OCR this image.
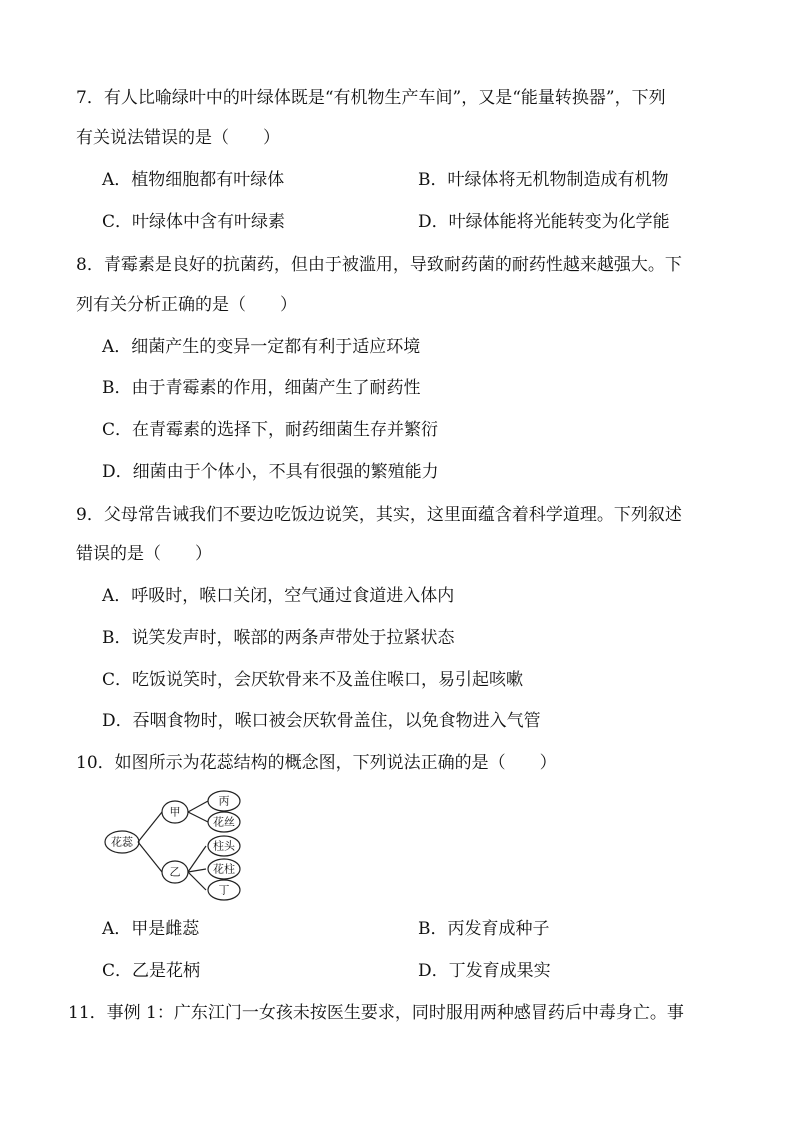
7．有人比喻绿叶中的叶绿体既是“有机物生产车间”，又是“能量转换器”，下列
有关说法错误的是（　　）
A．植物细胞都有叶绿体	B．叶绿体将无机物制造成有机物
C．叶绿体中含有叶绿素	D．叶绿体能将光能转变为化学能
8．青霉素是良好的抗菌药，但由于被滥用，导致耐药菌的耐药性越来越强大。下
列有关分析正确的是（　　）
A．细菌产生的变异一定都有利于适应环境
B．由于青霉素的作用，细菌产生了耐药性
C．在青霉素的选择下，耐药细菌生存并繁衍
D．细菌由于个体小，不具有很强的繁殖能力
9．父母常告诫我们不要边吃饭边说笑，其实，这里面蕴含着科学道理。下列叙述
错误的是（　　）
A．呼吸时，喉口关闭，空气通过食道进入体内
B．说笑发声时，喉部的两条声带处于拉紧状态
C．吃饭说笑时，会厌软骨来不及盖住喉口，易引起咳嗽
D．吞咽食物时，喉口被会厌软骨盖住，以免食物进入气管
10．如图所示为花蕊结构的概念图，下列说法正确的是（　　）
花蕊
甲
乙
丙
花丝
柱头
花柱
丁
A．甲是雌蕊	B．丙发育成种子
C．乙是花柄	D．丁发育成果实
11．事例 1：广东江门一女孩未按医生要求，同时服用两种感冒药后中毒身亡。事
